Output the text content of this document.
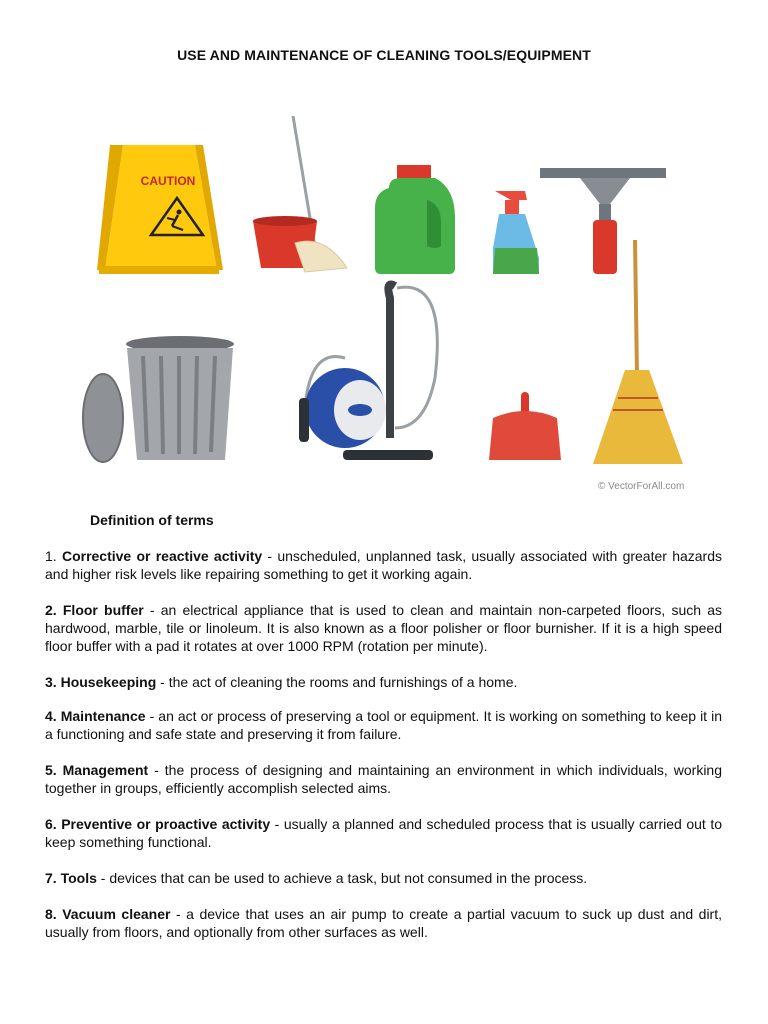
USE AND MAINTENANCE OF CLEANING TOOLS/EQUIPMENT
CAUTION
© VectorForAll.com
Definition of terms

1. Corrective or reactive activity - unscheduled, unplanned task, usually associated with greater hazards and higher risk levels like repairing something to get it working again.

2. Floor buffer - an electrical appliance that is used to clean and maintain non-carpeted floors, such as hardwood, marble, tile or linoleum. It is also known as a floor polisher or floor burnisher. If it is a high speed floor buffer with a pad it rotates at over 1000 RPM (rotation per minute).

3. Housekeeping - the act of cleaning the rooms and furnishings of a home.

4. Maintenance - an act or process of preserving a tool or equipment. It is working on something to keep it in a functioning and safe state and preserving it from failure.

5. Management - the process of designing and maintaining an environment in which individuals, working together in groups, efficiently accomplish selected aims.

6. Preventive or proactive activity - usually a planned and scheduled process that is usually carried out to keep something functional.

7. Tools - devices that can be used to achieve a task, but not consumed in the process.

8. Vacuum cleaner - a device that uses an air pump to create a partial vacuum to suck up dust and dirt, usually from floors, and optionally from other surfaces as well.
